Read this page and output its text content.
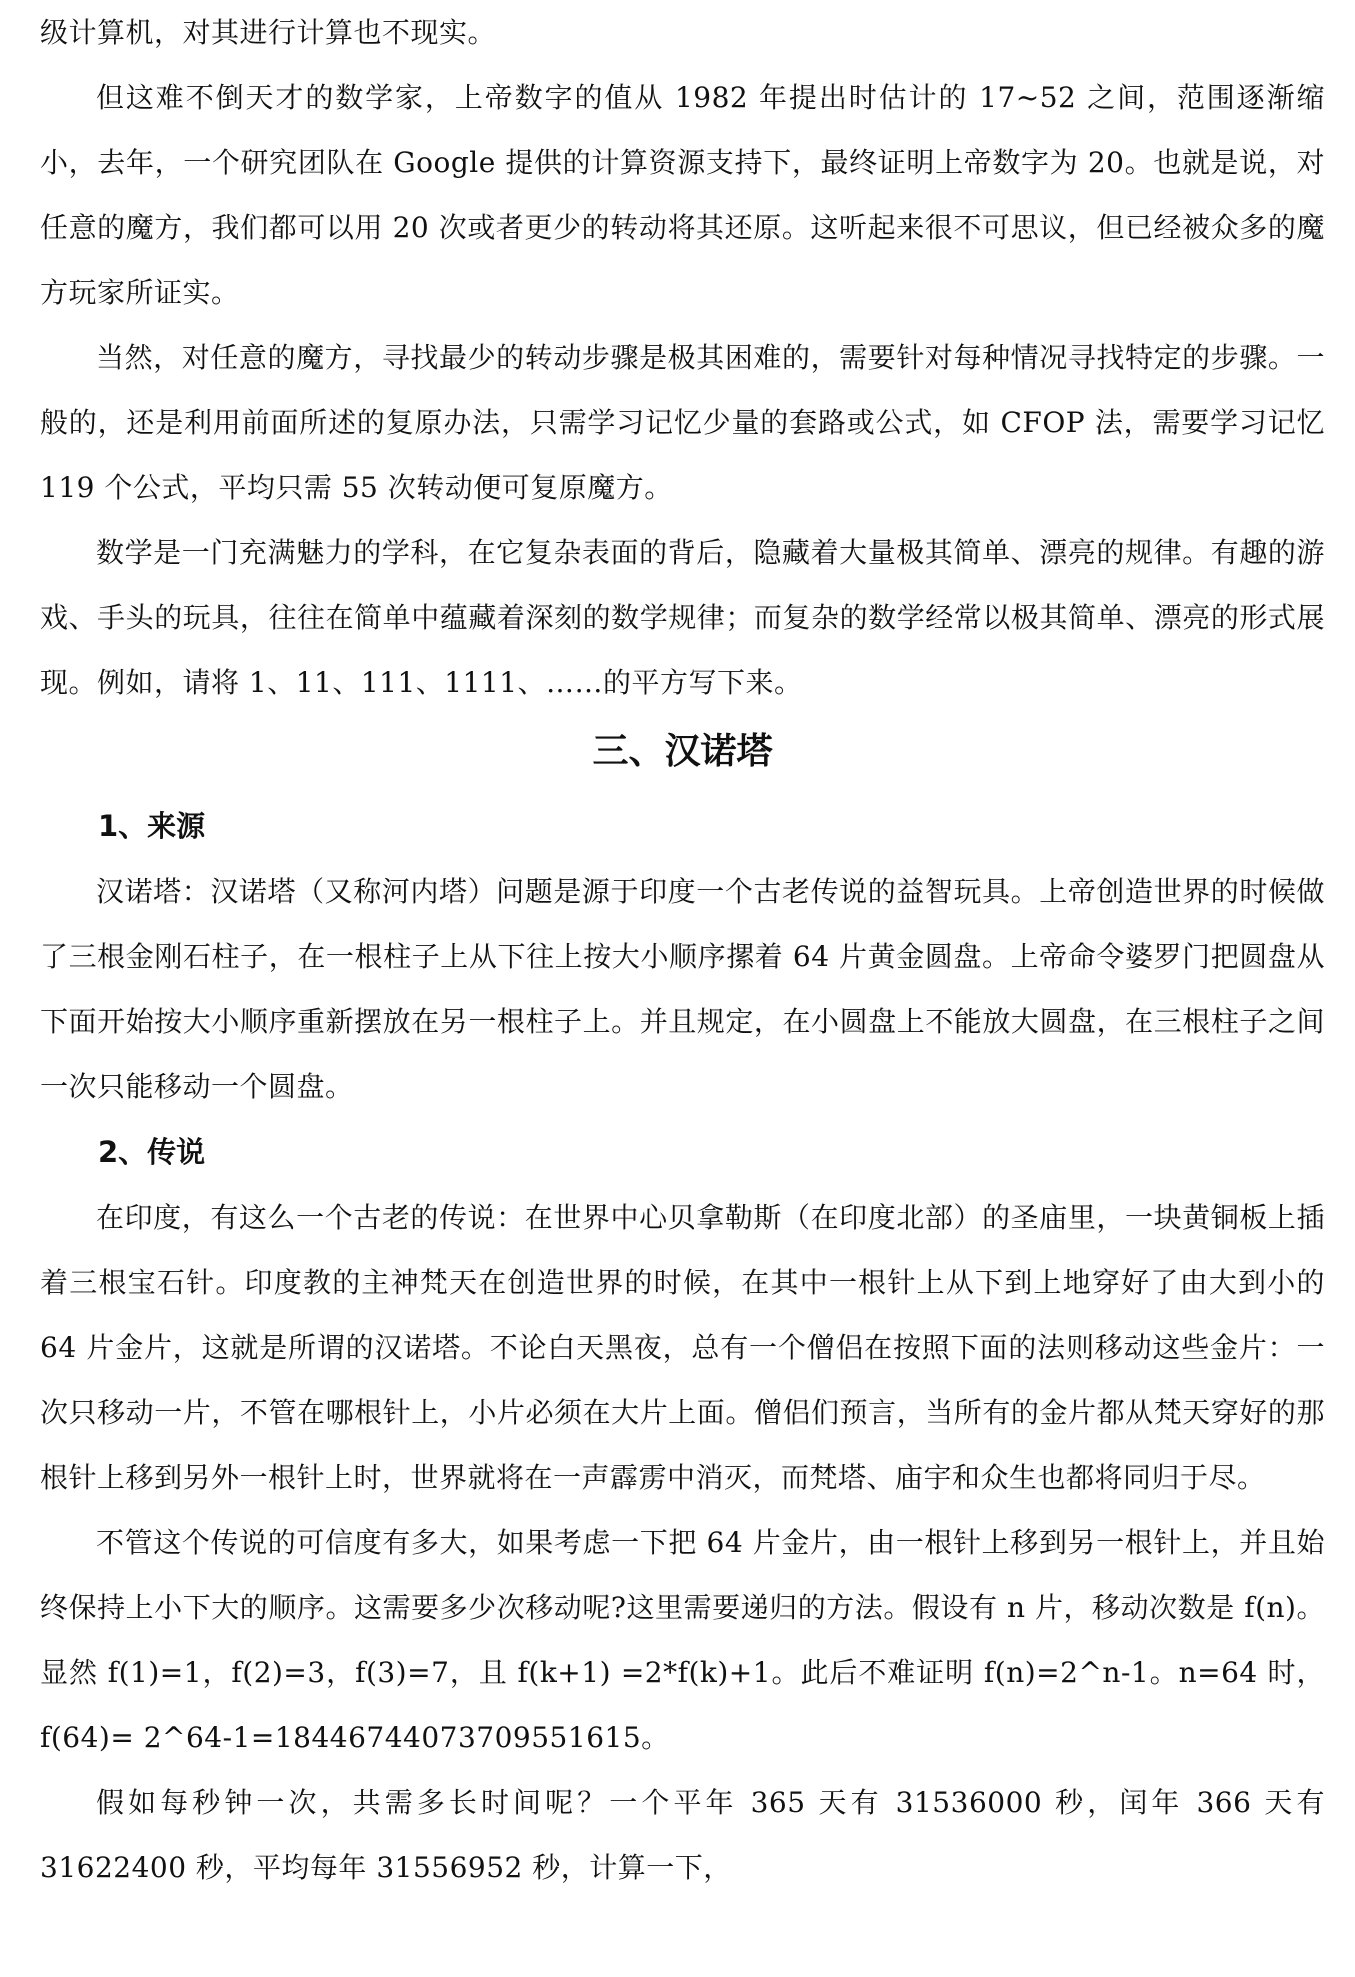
级计算机，对其进行计算也不现实。

但这难不倒天才的数学家，上帝数字的值从 1982 年提出时估计的 17~52 之间，范围逐渐缩小，去年，一个研究团队在 Google 提供的计算资源支持下，最终证明上帝数字为 20。也就是说，对任意的魔方，我们都可以用 20 次或者更少的转动将其还原。这听起来很不可思议，但已经被众多的魔方玩家所证实。

当然，对任意的魔方，寻找最少的转动步骤是极其困难的，需要针对每种情况寻找特定的步骤。一般的，还是利用前面所述的复原办法，只需学习记忆少量的套路或公式，如 CFOP 法，需要学习记忆 119 个公式，平均只需 55 次转动便可复原魔方。

数学是一门充满魅力的学科，在它复杂表面的背后，隐藏着大量极其简单、漂亮的规律。有趣的游戏、手头的玩具，往往在简单中蕴藏着深刻的数学规律；而复杂的数学经常以极其简单、漂亮的形式展现。例如，请将 1、11、111、1111、……的平方写下来。

三、汉诺塔
1、来源

汉诺塔：汉诺塔（又称河内塔）问题是源于印度一个古老传说的益智玩具。上帝创造世界的时候做了三根金刚石柱子，在一根柱子上从下往上按大小顺序摞着 64 片黄金圆盘。上帝命令婆罗门把圆盘从下面开始按大小顺序重新摆放在另一根柱子上。并且规定，在小圆盘上不能放大圆盘，在三根柱子之间一次只能移动一个圆盘。

2、传说

在印度，有这么一个古老的传说：在世界中心贝拿勒斯（在印度北部）的圣庙里，一块黄铜板上插着三根宝石针。印度教的主神梵天在创造世界的时候，在其中一根针上从下到上地穿好了由大到小的 64 片金片，这就是所谓的汉诺塔。不论白天黑夜，总有一个僧侣在按照下面的法则移动这些金片：一次只移动一片，不管在哪根针上，小片必须在大片上面。僧侣们预言，当所有的金片都从梵天穿好的那根针上移到另外一根针上时，世界就将在一声霹雳中消灭，而梵塔、庙宇和众生也都将同归于尽。

不管这个传说的可信度有多大，如果考虑一下把 64 片金片，由一根针上移到另一根针上，并且始终保持上小下大的顺序。这需要多少次移动呢?这里需要递归的方法。假设有 n 片，移动次数是 f(n)。显然 f(1)=1，f(2)=3，f(3)=7，且 f(k+1) =2*f(k)+1。此后不难证明 f(n)=2^n-1。n=64 时，f(64)= 2^64-1=18446744073709551615。

假如每秒钟一次，共需多长时间呢？一个平年 365 天有 31536000 秒，闰年 366 天有 31622400 秒，平均每年 31556952 秒，计算一下，
